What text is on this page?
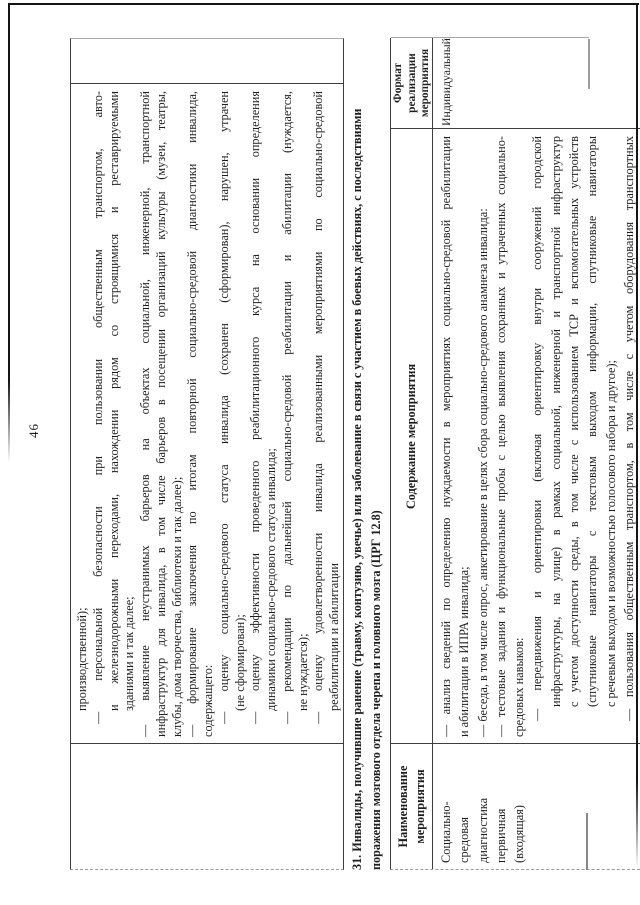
46
производственной); — персональной безопасности при пользовании общественным транспортом, авто- и железнодорожными переходами, нахождении рядом со строящимися и реставрируемыми зданиями и так далее; — выявление неустранимых барьеров на объектах социальной, инженерной, транспортной инфраструктур для инвалида, в том числе барьеров в посещении организаций культуры (музеи, театры, клубы, дома творчества, библиотеки и так далее); — формирование заключения по итогам повторной социально-средовой диагностики инвалида, содержащего: — оценку социально-средового статуса инвалида (сохранен (сформирован), нарушен, утрачен (не сформирован); — оценку эффективности проведенного реабилитационного курса на основании определения динамики социально-средового статуса инвалида; — рекомендации по дальнейшей социально-средовой реабилитации и абилитации (нуждается, не нуждается); — оценку удовлетворенности инвалида реализованными мероприятиями по социально-средовой реабилитации и абилитации 31. Инвалиды, получившие ранение (травму, контузию, увечье) или заболевание в связи с участием в боевых действиях, с последствиями поражения мозгового отдела черепа и головного мозга (ЦРГ 12.8) Наименование мероприятия
Содержание мероприятия
Формат реализации мероприятия
Социально- средовая диагностика первичная (входящая)
— анализ сведений по определению нуждаемости в мероприятиях социально-средовой реабилитации и абилитации в ИПРА инвалида; — беседа, в том числе опрос, анкетирование в целях сбора социально-средового анамнеза инвалида: — тестовые задания и функциональные пробы с целью выявления сохранных и утраченных социально- средовых навыков: — передвижения и ориентировки (включая ориентировку внутри сооружений городской инфраструктуры, на улице) в рамках социальной, инженерной и транспортной инфраструктур с учетом доступности среды, в том числе с использованием ТСР и вспомогательных устройств (спутниковые навигаторы с текстовым выходом информации, спутниковые навигаторы с речевым выходом и возможностью голосового набора и другое); — пользования общественным транспортом, в том числе с учетом оборудования транспортных
Индивидуальный
